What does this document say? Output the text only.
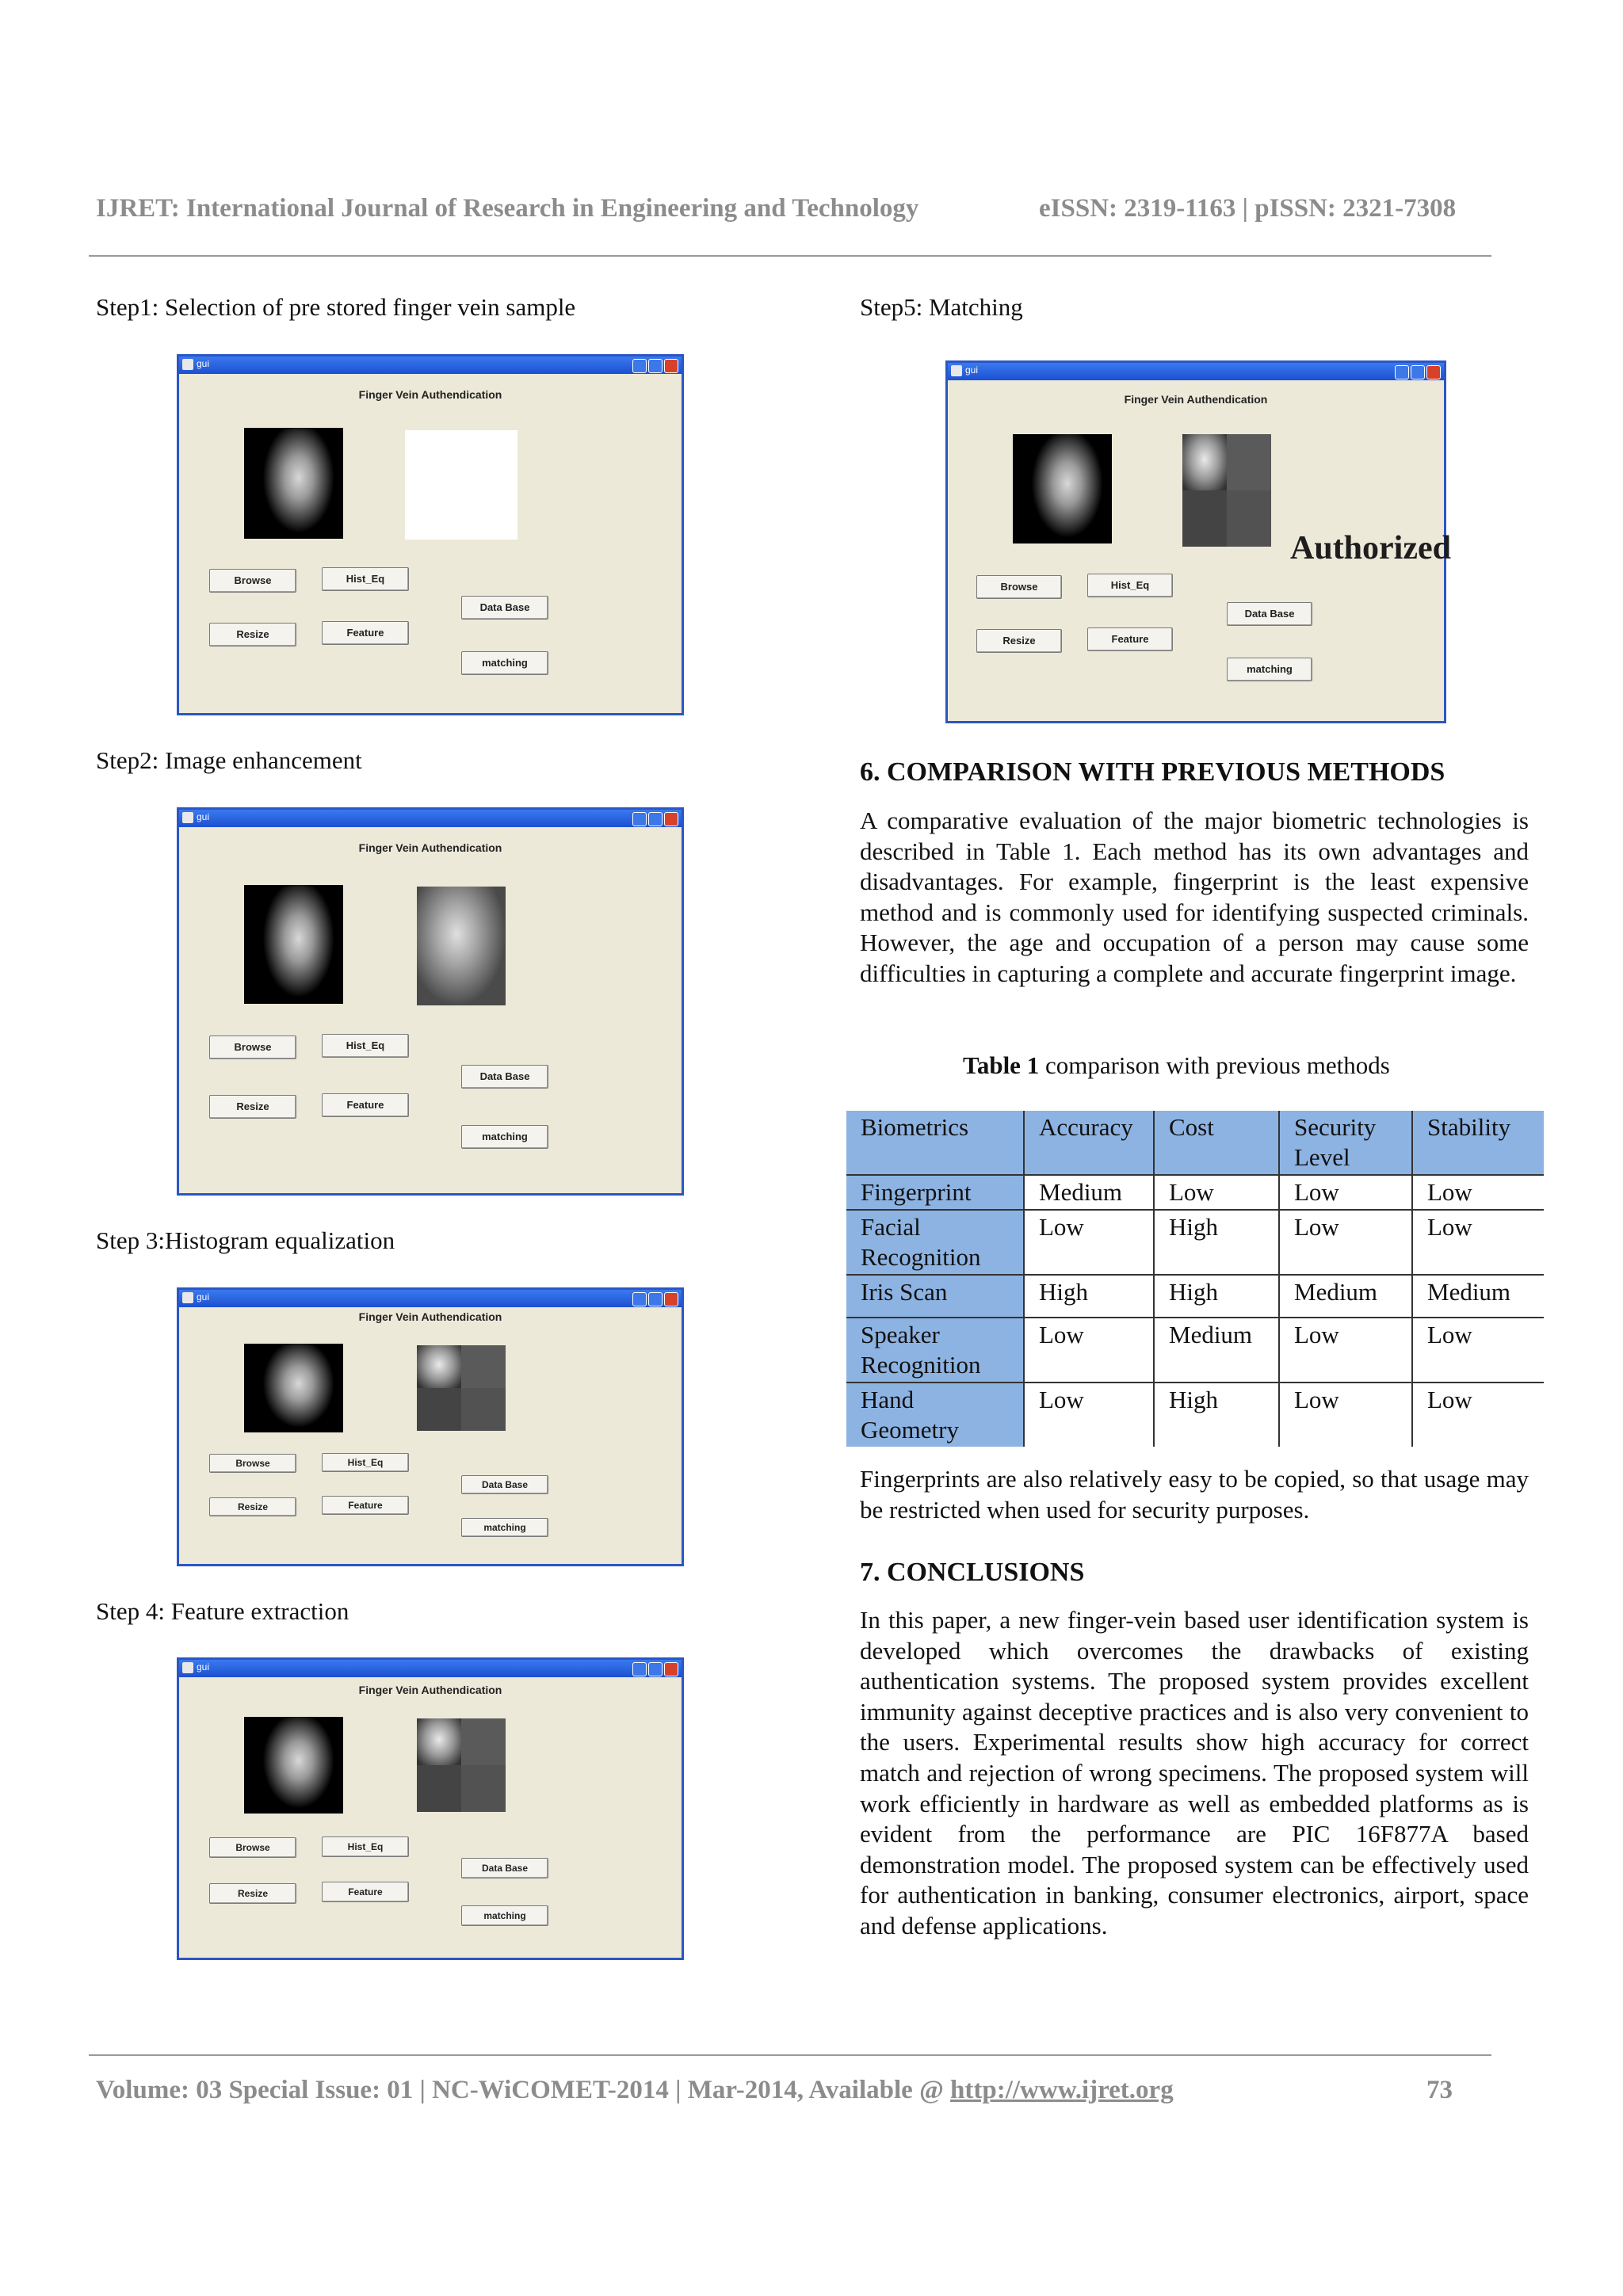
IJRET: International Journal of Research in Engineering and Technology	eISSN: 2319-1163 | pISSN: 2321-7308
Step1: Selection of pre stored finger vein sample
gui
Finger Vein Authendication
Browse	Hist_Eq
Data Base
Resize	Feature
matching
Step2: Image enhancement
gui
Finger Vein Authendication
Browse	Hist_Eq
Data Base
Resize	Feature
matching
Step 3:Histogram equalization
gui
Finger Vein Authendication
Browse	Hist_Eq
Data Base
Resize	Feature
matching
Step 4: Feature extraction
gui
Finger Vein Authendication
Browse	Hist_Eq
Data Base
Resize	Feature
matching
Step5: Matching
gui
Finger Vein Authendication
Authorized
Browse	Hist_Eq
Data Base
Resize	Feature
matching
6. COMPARISON WITH PREVIOUS METHODS
A comparative evaluation of the major biometric technologies is described in Table 1. Each method has its own advantages and disadvantages. For example, fingerprint is the least expensive method and is commonly used for identifying suspected criminals. However, the age and occupation of a person may cause some difficulties in capturing a complete and accurate fingerprint image.
Table 1 comparison with previous methods
Biometrics	Accuracy	Cost	Security Level	Stability
Fingerprint	Medium	Low	Low	Low
Facial Recognition	Low	High	Low	Low
Iris Scan	High	High	Medium	Medium
Speaker Recognition	Low	Medium	Low	Low
Hand Geometry	Low	High	Low	Low
Fingerprints are also relatively easy to be copied, so that usage may be restricted when used for security purposes.
7. CONCLUSIONS
In this paper, a new finger-vein based user identification system is developed which overcomes the drawbacks of existing authentication systems. The proposed system provides excellent immunity against deceptive practices and is also very convenient to the users. Experimental results show high accuracy for correct match and rejection of wrong specimens. The proposed system will work efficiently in hardware as well as embedded platforms as is evident from the performance are PIC 16F877A based demonstration model. The proposed system can be effectively used for authentication in banking, consumer electronics, airport, space and defense applications.
Volume: 03 Special Issue: 01 | NC-WiCOMET-2014 | Mar-2014, Available @ http://www.ijret.org	73
